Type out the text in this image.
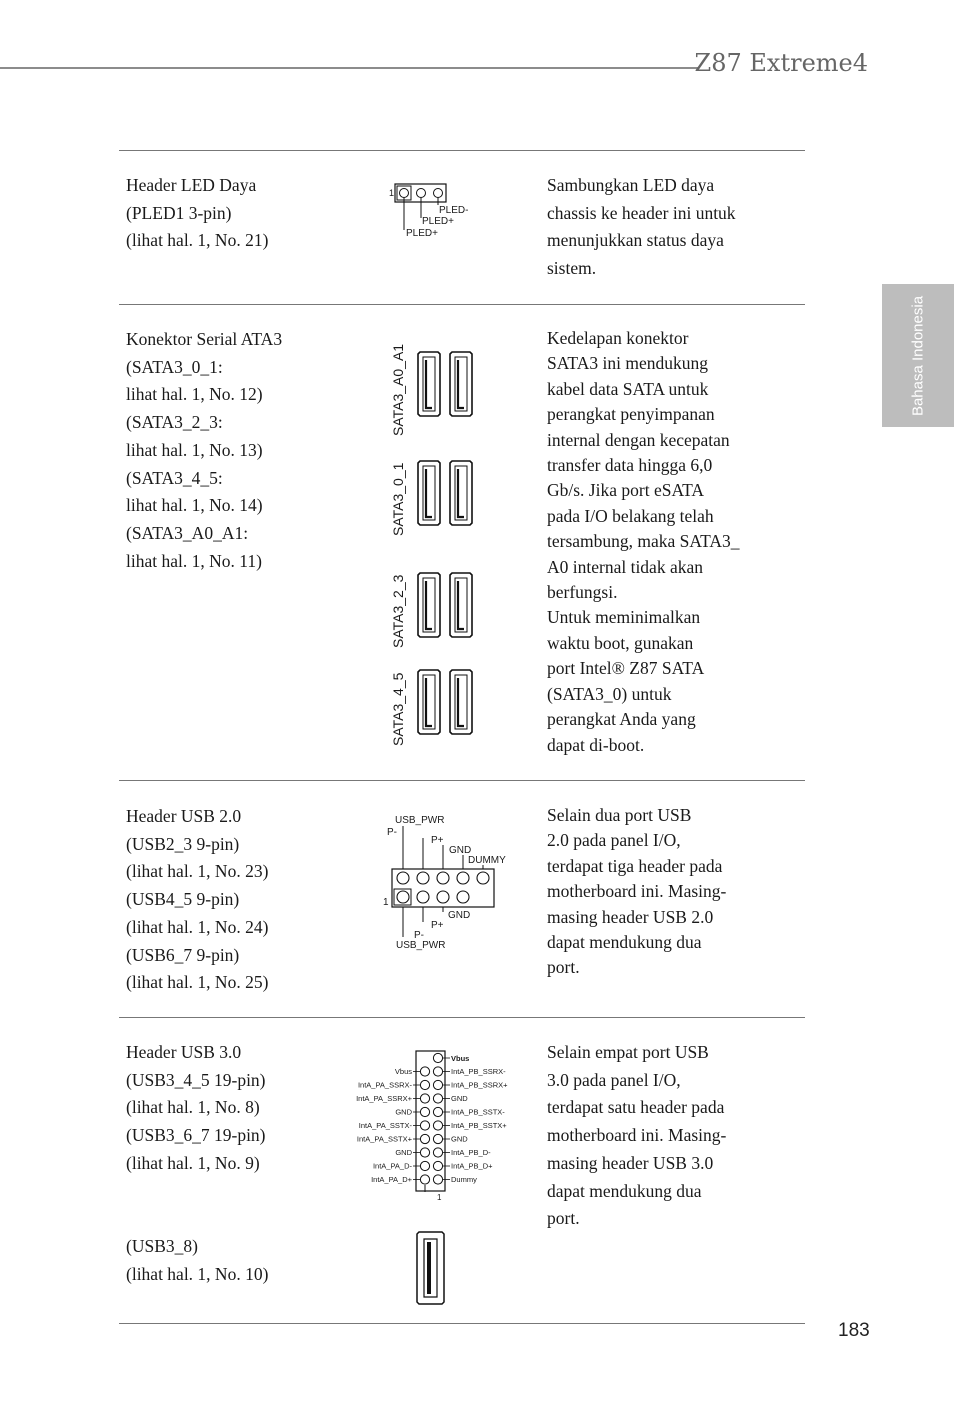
Z87 Extreme4
Bahasa Indonesia
Header LED Daya
(PLED1 3-pin)
(lihat hal. 1, No. 21)
1
PLED-
PLED+
PLED+
Sambungkan LED daya
chassis ke header ini untuk
menunjukkan status daya
sistem.
Konektor Serial ATA3
(SATA3_0_1:
lihat hal. 1, No. 12)
(SATA3_2_3:
lihat hal. 1, No. 13)
(SATA3_4_5:
lihat hal. 1, No. 14)
(SATA3_A0_A1:
lihat hal. 1, No. 11)
SATA3_A0_A1
SATA3_0_1
SATA3_2_3
SATA3_4_5
Kedelapan konektor
SATA3 ini mendukung
kabel data SATA untuk
perangkat penyimpanan
internal dengan kecepatan
transfer data hingga 6,0
Gb/s. Jika port eSATA
pada I/O belakang telah
tersambung, maka SATA3_
A0 internal tidak akan
berfungsi.
Untuk meminimalkan
waktu boot, gunakan
port Intel® Z87 SATA
(SATA3_0) untuk
perangkat Anda yang
dapat di-boot.
Header USB 2.0
(USB2_3 9-pin)
(lihat hal. 1, No. 23)
(USB4_5 9-pin)
(lihat hal. 1, No. 24)
(USB6_7 9-pin)
(lihat hal. 1, No. 25)
USB_PWR
P-
P+
GND
DUMMY
1
GND
P+
P-
USB_PWR
Selain dua port USB
2.0 pada panel I/O,
terdapat tiga header pada
motherboard ini. Masing-
masing header USB 2.0
dapat mendukung dua
port.
Header USB 3.0
(USB3_4_5 19-pin)
(lihat hal. 1, No. 8)
(USB3_6_7 19-pin)
(lihat hal. 1, No. 9)
(USB3_8)
(lihat hal. 1, No. 10)
Vbus
Vbus
IntA_PA_SSRX-
IntA_PA_SSRX+
GND
IntA_PA_SSTX-
IntA_PA_SSTX+
GND
IntA_PA_D-
IntA_PA_D+
IntA_PB_SSRX-
IntA_PB_SSRX+
GND
IntA_PB_SSTX-
IntA_PB_SSTX+
GND
IntA_PB_D-
IntA_PB_D+
Dummy
1
Selain empat port USB
3.0 pada panel I/O,
terdapat satu header pada
motherboard ini. Masing-
masing header USB 3.0
dapat mendukung dua
port.
183
